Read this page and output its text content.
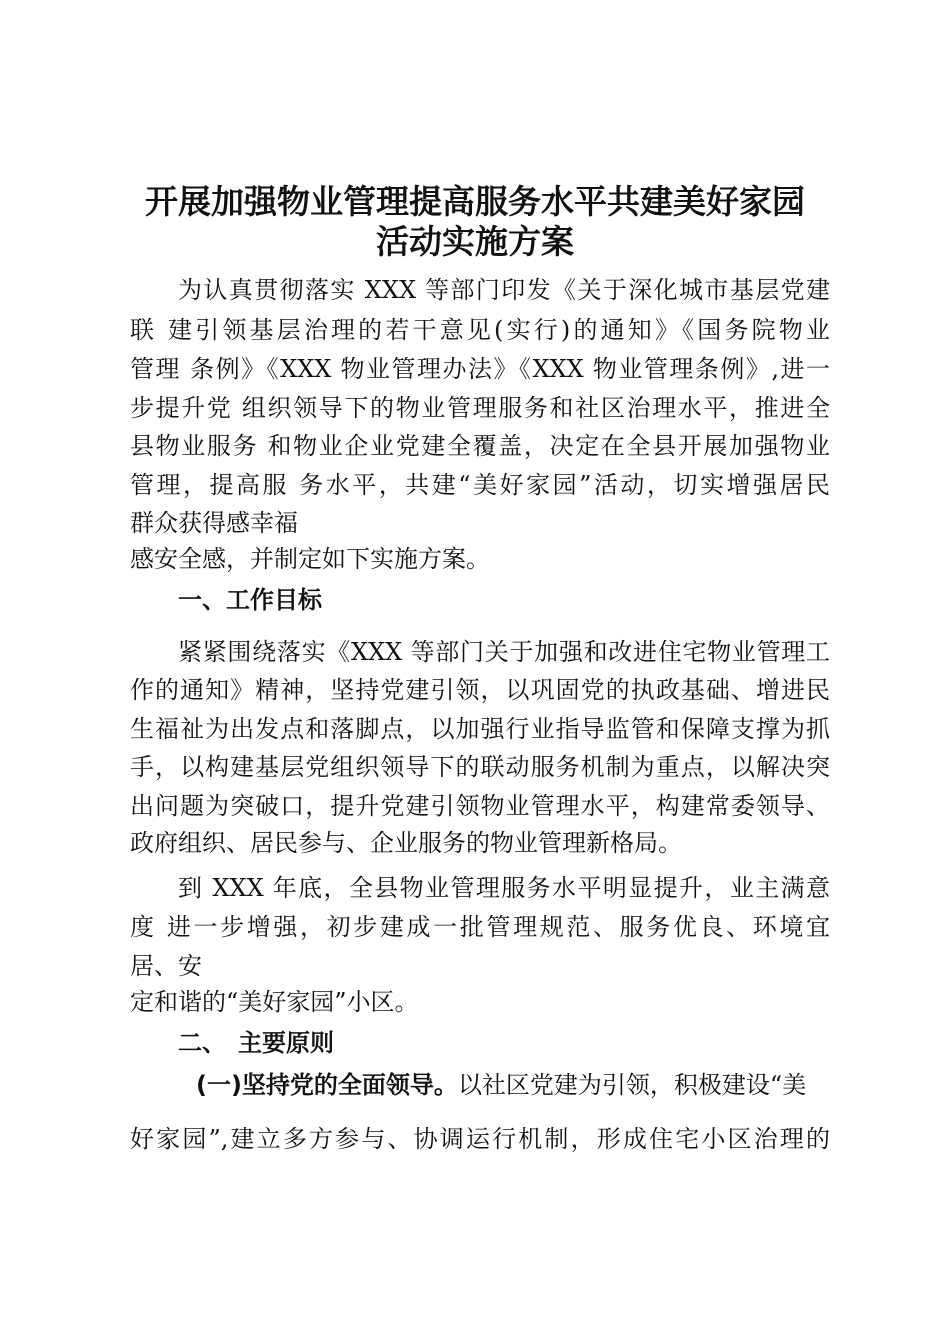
开展加强物业管理提高服务水平共建美好家园
活动实施方案
为认真贯彻落实 XXX 等部门印发《关于深化城市基层党建
联 建引领基层治理的若干意见(实行)的通知》《国务院物业
管理 条例》《XXX 物业管理办法》《XXX 物业管理条例》,进一
步提升党 组织领导下的物业管理服务和社区治理水平，推进全
县物业服务 和物业企业党建全覆盖，决定在全县开展加强物业
管理，提高服 务水平，共建“美好家园”活动，切实增强居民
群众获得感幸福
感安全感，并制定如下实施方案。
一、工作目标
紧紧围绕落实《XXX 等部门关于加强和改进住宅物业管理工
作的通知》精神，坚持党建引领，以巩固党的执政基础、增进民
生福祉为出发点和落脚点，以加强行业指导监管和保障支撑为抓
手，以构建基层党组织领导下的联动服务机制为重点，以解决突
出问题为突破口，提升党建引领物业管理水平，构建常委领导、
政府组织、居民参与、企业服务的物业管理新格局。
到 XXX 年底，全县物业管理服务水平明显提升，业主满意
度 进一步增强，初步建成一批管理规范、服务优良、环境宜
居、安
定和谐的“美好家园”小区。
二、　主要原则
(一)坚持党的全面领导。以社区党建为引领，积极建设“美
好家园”,建立多方参与、协调运行机制，形成住宅小区治理的
